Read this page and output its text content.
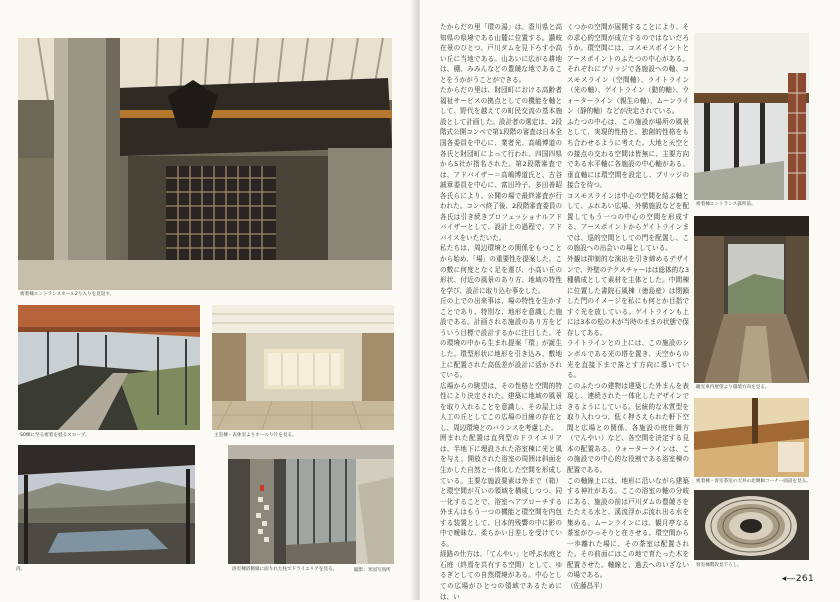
密着棟エントランスホール2り入りを見返す。
S0棟に至る密着を経るスロープ。	主室棟・表休室よりホールり片を見る。
浴。	浴室棟浴側廊に面りれた柱でドライエリアを見る。	撮影：米国写真所

たからだの里「環の湯」は、香川県と高知県の県境である山麓に位置する。讃岐在景のひとつ、戸川ダムを見下ろす小高い丘に当地である。山あいに広がる耕地は、棚、みみんなどの豊饒な地であることをうかがうことができる。
たからだの里は、財団町における高齢者福祉サービスの拠点としての機能を軸として、野代を越えての町民交流の基本施設として計画した。設計者の選定は、2段階式公開コンペで第1段階の審査は日本全国各委員を中心に、業者光、高嶋博道の各氏と財団町によって行われ、四国四県から5社が指名された。第2段階審査では、アドバイザー＝高嶋博道氏と、古谷誠章委員を中心に、富田玲子、多田善昭各氏らにより、公開の場で最終審査が行われた。コンペ終了後、2段階審査委員の各氏は引き続きプロフェッショナルアドバイザーとして、設計上の過程で、アドバイスをいただいた。
私たちは、周辺環境との関係をもつことから始め、「場」の重要性を提案した。この敷に何度となく足を運び、小高い丘の形状、付近の風景のあり方、地域の特性を学び、設計に取り込む事をした。
丘の上での出来事は、場の特性を生かすことであり、特別な、地形を意識した施設である。計画される施設のあり方をどういう目標で設計するかに注目した。その環境の中から生まれ提案「環」が誕生した。環型形状に地形を引き込み、敷地上に配置された高低差が設計に活かされている。
広場からの眺望は、その性格と空間的特性により決定された。建築に地域の風景を取り入れることを意識し、その屋上は人工の丘としてこの広場の目線の存在とし、周辺環境とのバランスを考慮した。
囲まれた配置は直列型のドライエリアは、半地下に埋設された浴室棟に光と風を与え、開放された浴室の周囲は斜面を生かした自然と一体化した空間を形成している。主要な施設要素は外まで（箱）と環空間が互いの領域を構成しつつ、同一化することで、浴室へアプローチする外まんはもう一つの機能と環空間を内包する装置として、日本的残響の中に影の中で曖昧な、柔らかい日差しを受けている。
経路の仕方は、「てんやい」と呼ぶ水庭と石庭（終焉を共有する空間）として、ゆるぎとしての自然環境がある。中心としての広場がひとつの領域であるためには、い

くつかの空間が展開することにより、その求心的空間が成立するのではないだろうか。環空間には、コスモスポイントとアースポイントのふたつの中心がある。それぞれにブリッジで各施設への軸、コスモスライン（空間軸）、ライトライン（光の軸）、ゲイトライン（動的軸）、ウォーターライン（親生の軸）、ムーンライン（静的軸）などが決定されている。
ふたつの中心は、この施設が場所の風景として、実現的性格と、独創的性格をもち合わせるように考えた。大地と天空との接点の交わる空間は皆無に、主要方向である水平軸に各施設の中心軸がある。垂直軸には環空間を設定し、ブリッジの接合を待つ。
コスモスラインは中心の空間を結ぶ軸として、ふれあい広場、外構施設などを配置してもう一つの中心の空間を形成する。アースポイントからゲイトラインまでは、巡的空間としての門を配置し、この施設への出会いの場としている。
外観は抑制的な演出を引き締めるデザインで、外壁のテクスチャーはは総体的な3種構成として素材を主体とした。中間棟に位置した書院石風棟（徳島産）は閉鎖した門のイメージを私にも何とか目指ですぐ光を放している。ゲイトラインも上には3本の松の木が当時のままの状態で保存してある。
ライトラインとの上には、この施設のシンボルである光の塔を置き、天空からの光を直接下まで落とす方向に導いている。
このふたつの建物は建築した外まんを表現し、連続された一体化したデザインできるようにしている。伝統的な木質型を取り入れつつ、低く押さえられた軒下空間と広場との関係、各施設の庭仕舞方（でんやい）など、各空間を決定する見本の配置ある、ウォーターラインは、この施設での中心的な役割である浴室棟の配置である。
この軸線上には、地形に沿いながら建築する神社がある。ここの浴室の軸の分岐にある、施設の前は戸川ダムの豊饒さをたたえる水と、溪流浮かぶ流れ出る水を集める。ムーンラインには、観月亭なる茶室がひっそりと在させる。環空間から一歩離れた場に、その茶室は配置された。その前面にはこの地で育たった木を配置させた。軸線と、過去へのいざないの場である。
（佐藤昌平）

密着棟エントランス露所前。
観光車内展望より越境方向を見る。
密着棟・客室茶室の天井の北側廊コーナー面設を見る。
客室棟階段見下ろし。
◂—261
